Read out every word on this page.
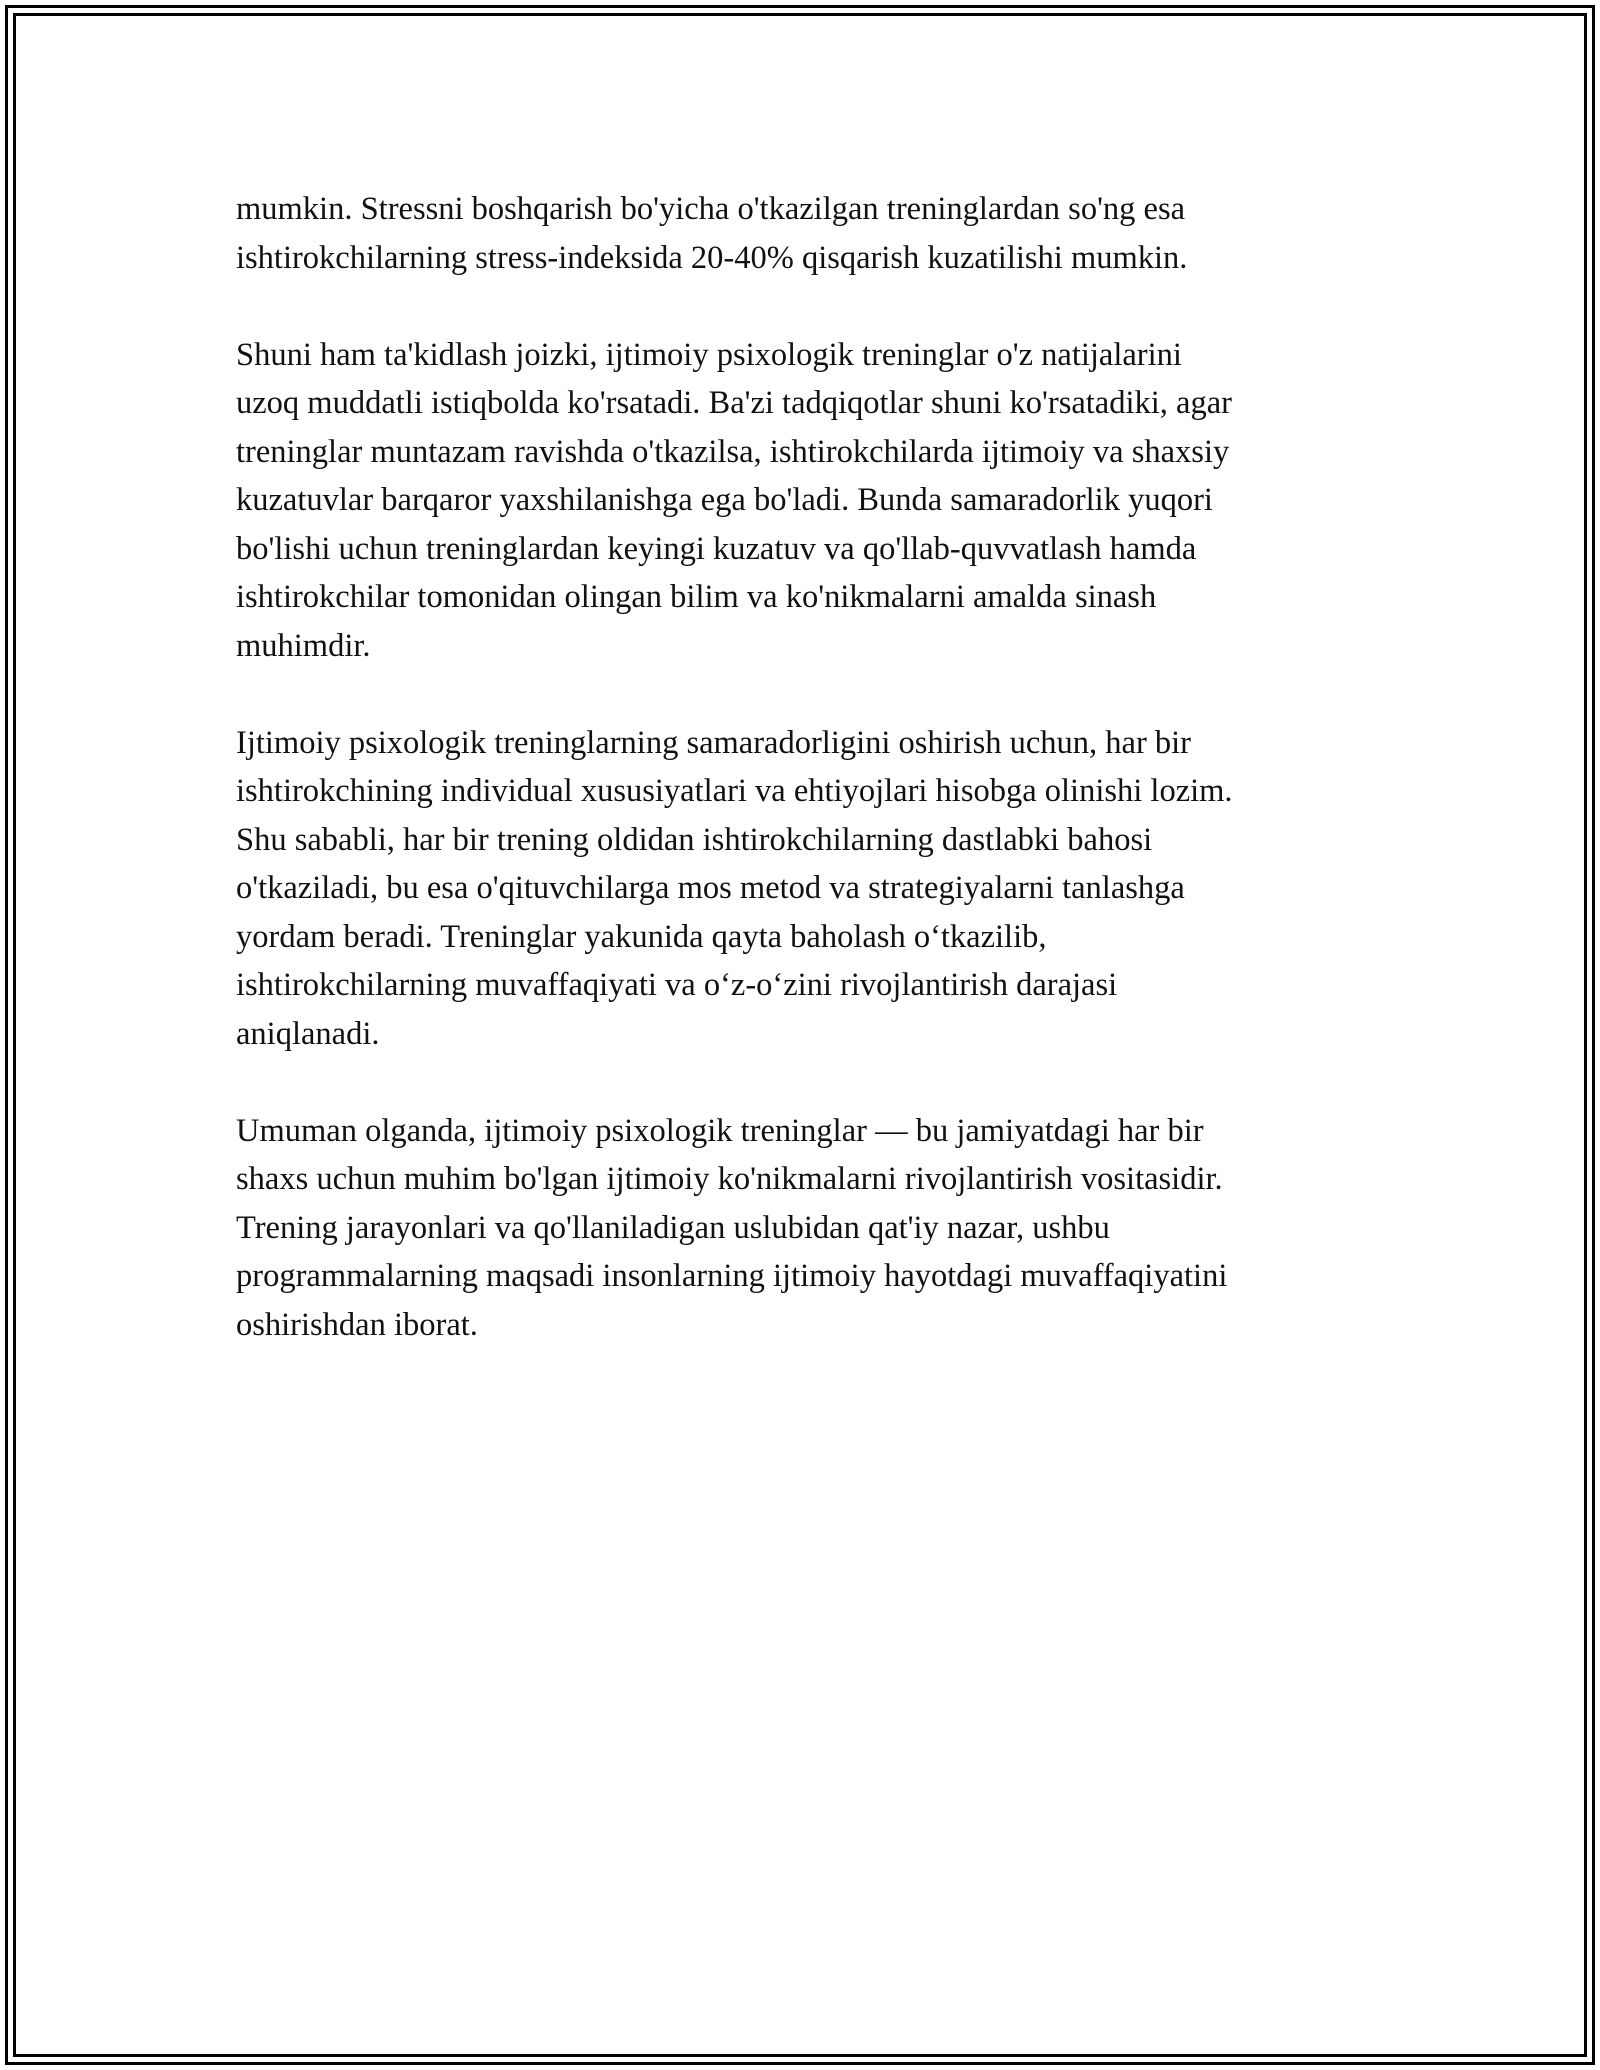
mumkin. Stressni boshqarish bo'yicha o'tkazilgan treninglardan so'ng esa
ishtirokchilarning stress-indeksida 20-40% qisqarish kuzatilishi mumkin.

Shuni ham ta'kidlash joizki, ijtimoiy psixologik treninglar o'z natijalarini
uzoq muddatli istiqbolda ko'rsatadi. Ba'zi tadqiqotlar shuni ko'rsatadiki, agar
treninglar muntazam ravishda o'tkazilsa, ishtirokchilarda ijtimoiy va shaxsiy
kuzatuvlar barqaror yaxshilanishga ega bo'ladi. Bunda samaradorlik yuqori
bo'lishi uchun treninglardan keyingi kuzatuv va qo'llab-quvvatlash hamda
ishtirokchilar tomonidan olingan bilim va ko'nikmalarni amalda sinash
muhimdir.

Ijtimoiy psixologik treninglarning samaradorligini oshirish uchun, har bir
ishtirokchining individual xususiyatlari va ehtiyojlari hisobga olinishi lozim.
Shu sababli, har bir trening oldidan ishtirokchilarning dastlabki bahosi
o'tkaziladi, bu esa o'qituvchilarga mos metod va strategiyalarni tanlashga
yordam beradi. Treninglar yakunida qayta baholash o‘tkazilib,
ishtirokchilarning muvaffaqiyati va o‘z-o‘zini rivojlantirish darajasi
aniqlanadi.

Umuman olganda, ijtimoiy psixologik treninglar — bu jamiyatdagi har bir
shaxs uchun muhim bo'lgan ijtimoiy ko'nikmalarni rivojlantirish vositasidir.
Trening jarayonlari va qo'llaniladigan uslubidan qat'iy nazar, ushbu
programmalarning maqsadi insonlarning ijtimoiy hayotdagi muvaffaqiyatini
oshirishdan iborat.
